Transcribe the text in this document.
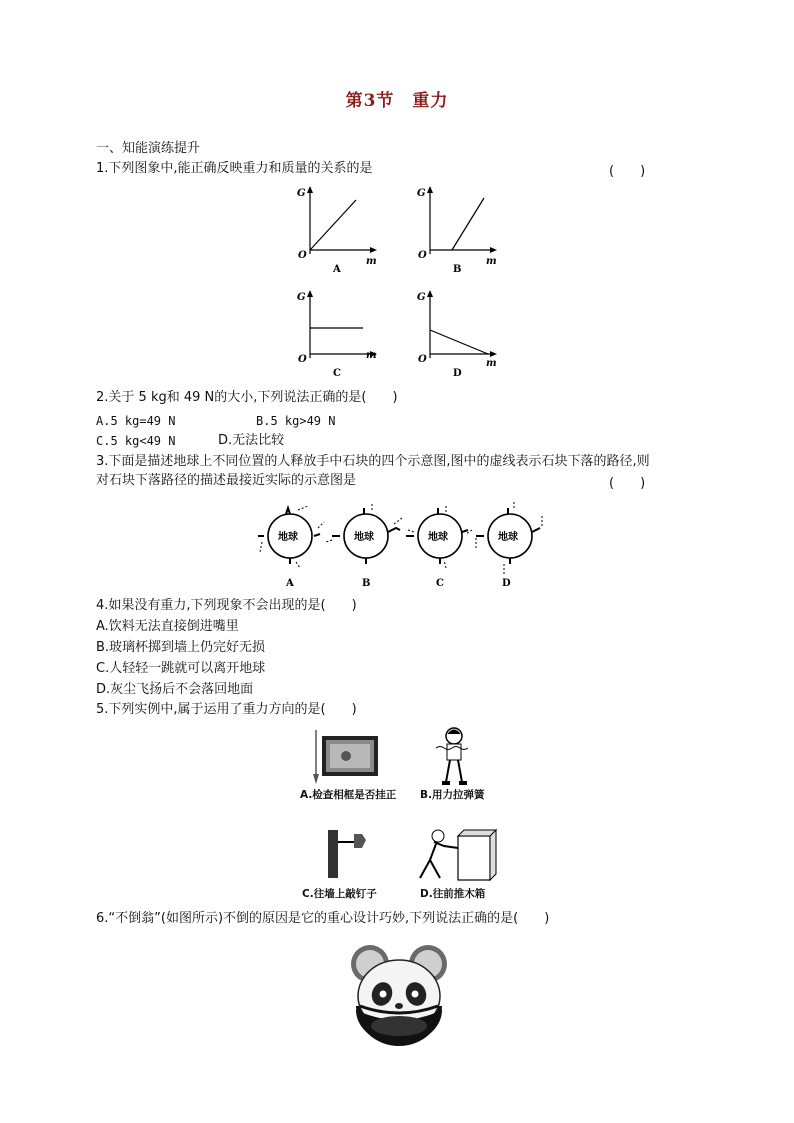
第3节　重力
一、知能演练提升
1.下列图象中,能正确反映重力和质量的关系的是	(　　)
G
O
m
A
G
O
m
B
G
O	m
C
G
O	m
D
2.关于 5 kg和 49 N的大小,下列说法正确的是(　　)
A.5 kg=49 N	B.5 kg>49 N
C.5 kg<49 N	D.无法比较
3.下面是描述地球上不同位置的人释放手中石块的四个示意图,图中的虚线表示石块下落的路径,则
对石块下落路径的描述最接近实际的示意图是	(　　)
地球
A
地球
B
地球
C
地球
D
4.如果没有重力,下列现象不会出现的是(　　)
A.饮料无法直接倒进嘴里
B.玻璃杯掷到墙上仍完好无损
C.人轻轻一跳就可以离开地球
D.灰尘飞扬后不会落回地面
5.下列实例中,属于运用了重力方向的是(　　)
A.检查相框是否挂正 B.用力拉弹簧
C.往墙上敲钉子	D.往前推木箱
6.“不倒翁”(如图所示)不倒的原因是它的重心设计巧妙,下列说法正确的是(　　)
